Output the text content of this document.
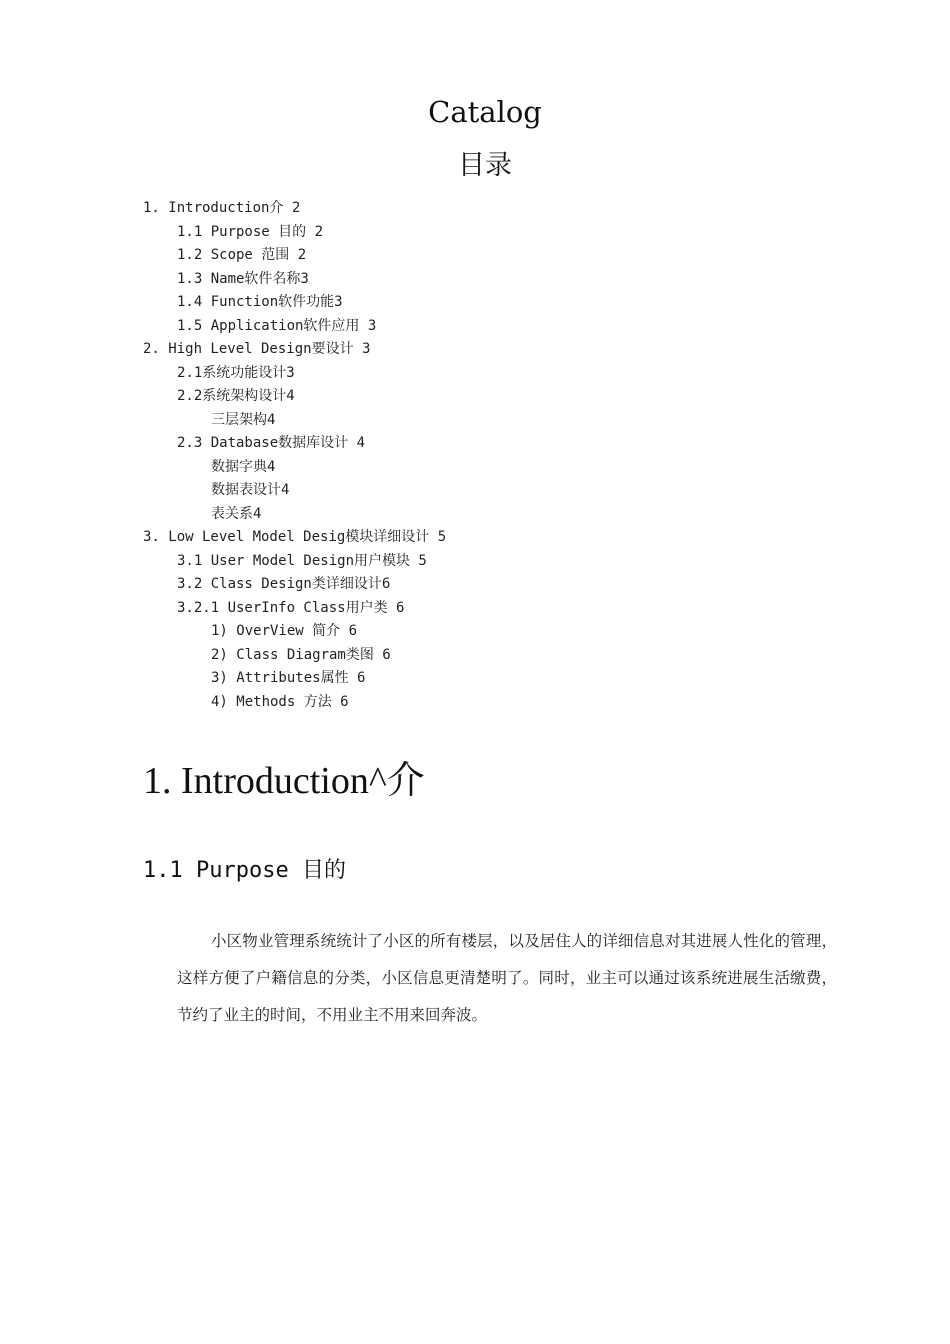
Catalog
目录
1. Introduction介 2
1.1 Purpose 目的 2
1.2 Scope 范围 2
1.3 Name软件名称3
1.4 Function软件功能3
1.5 Application软件应用 3
2. High Level Design要设计 3
2.1系统功能设计3
2.2系统架构设计4
三层架构4
2.3 Database数据库设计 4
数据字典4
数据表设计4
表关系4
3. Low Level Model Desig模块详细设计 5
3.1 User Model Design用户模块 5
3.2 Class Design类详细设计6
3.2.1 UserInfo Class用户类 6
1) OverView 简介 6
2) Class Diagram类图 6
3) Attributes属性 6
4) Methods 方法 6
1. Introduction^介
1.1 Purpose 目的
小区物业管理系统统计了小区的所有楼层，以及居住人的详细信息对其进展人性化的管理，这样方便了户籍信息的分类，小区信息更清楚明了。同时，业主可以通过该系统进展生活缴费，节约了业主的时间，不用业主不用来回奔波。
